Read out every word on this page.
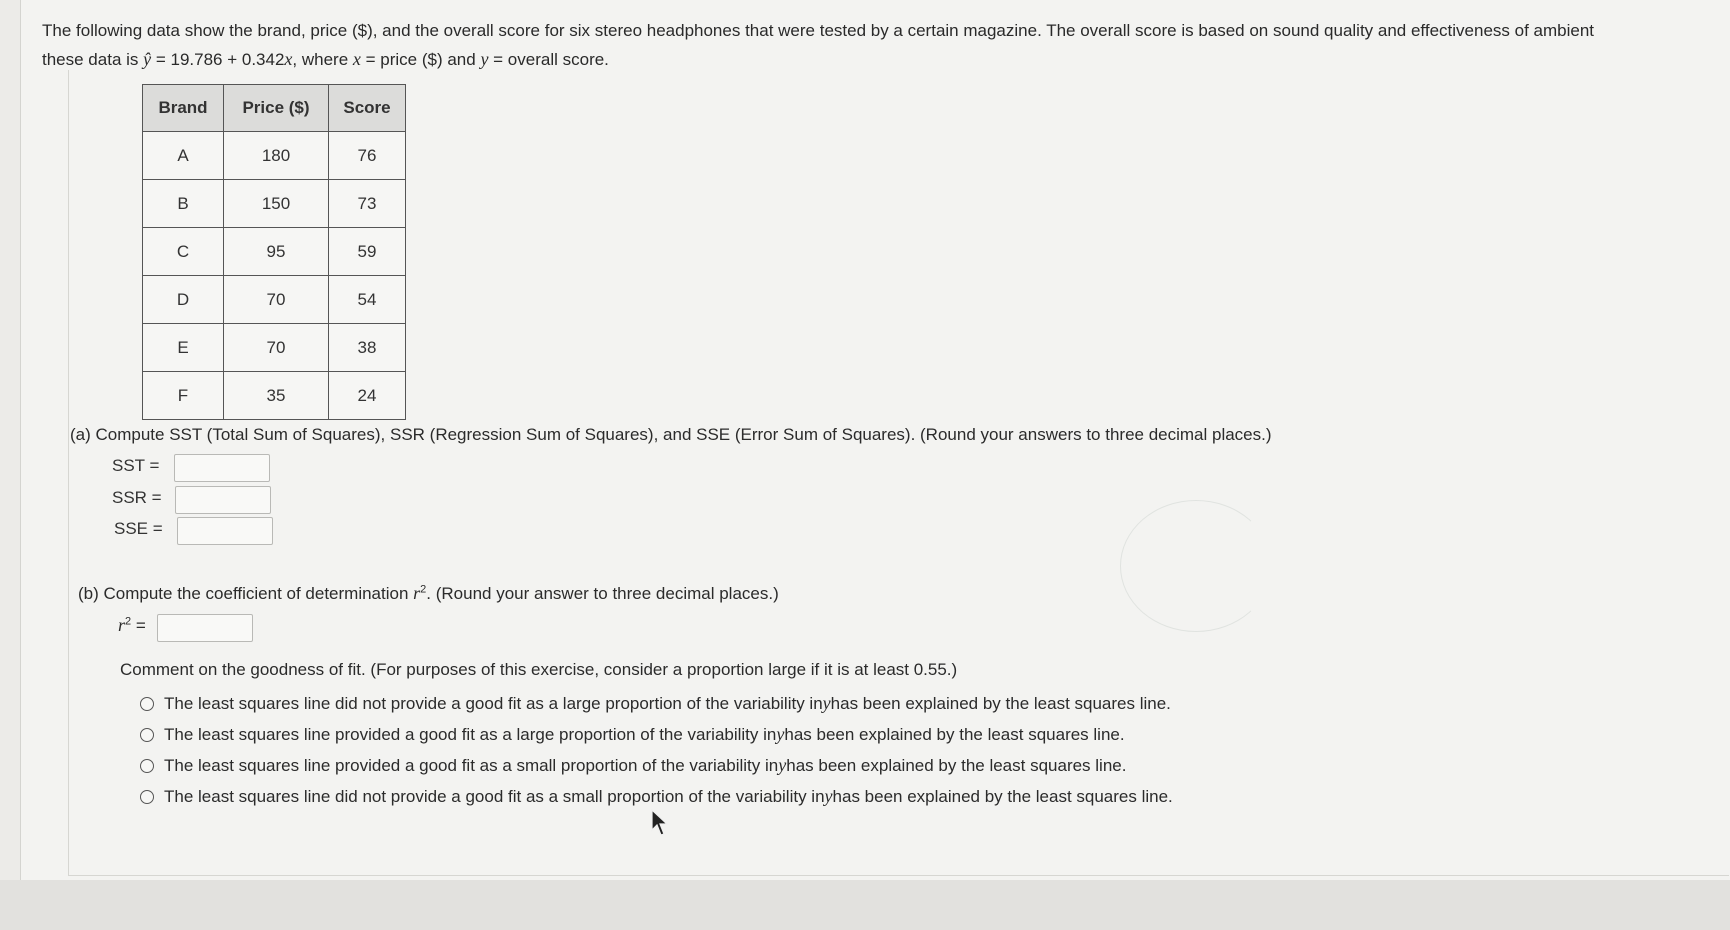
The following data show the brand, price ($), and the overall score for six stereo headphones that were tested by a certain magazine. The overall score is based on sound quality and effectiveness of ambient
these data is ŷ = 19.786 + 0.342x, where x = price ($) and y = overall score.
Brand	Price ($)	Score
A	180	76
B	150	73
C	95	59
D	70	54
E	70	38
F	35	24
(a) Compute SST (Total Sum of Squares), SSR (Regression Sum of Squares), and SSE (Error Sum of Squares). (Round your answers to three decimal places.)
SST =
SSR =
SSE =
(b) Compute the coefficient of determination $r^2$. (Round your answer to three decimal places.)
$r^2$ =
Comment on the goodness of fit. (For purposes of this exercise, consider a proportion large if it is at least 0.55.)
The least squares line did not provide a good fit as a large proportion of the variability in y has been explained by the least squares line.
The least squares line provided a good fit as a large proportion of the variability in y has been explained by the least squares line.
The least squares line provided a good fit as a small proportion of the variability in y has been explained by the least squares line.
The least squares line did not provide a good fit as a small proportion of the variability in y has been explained by the least squares line.
